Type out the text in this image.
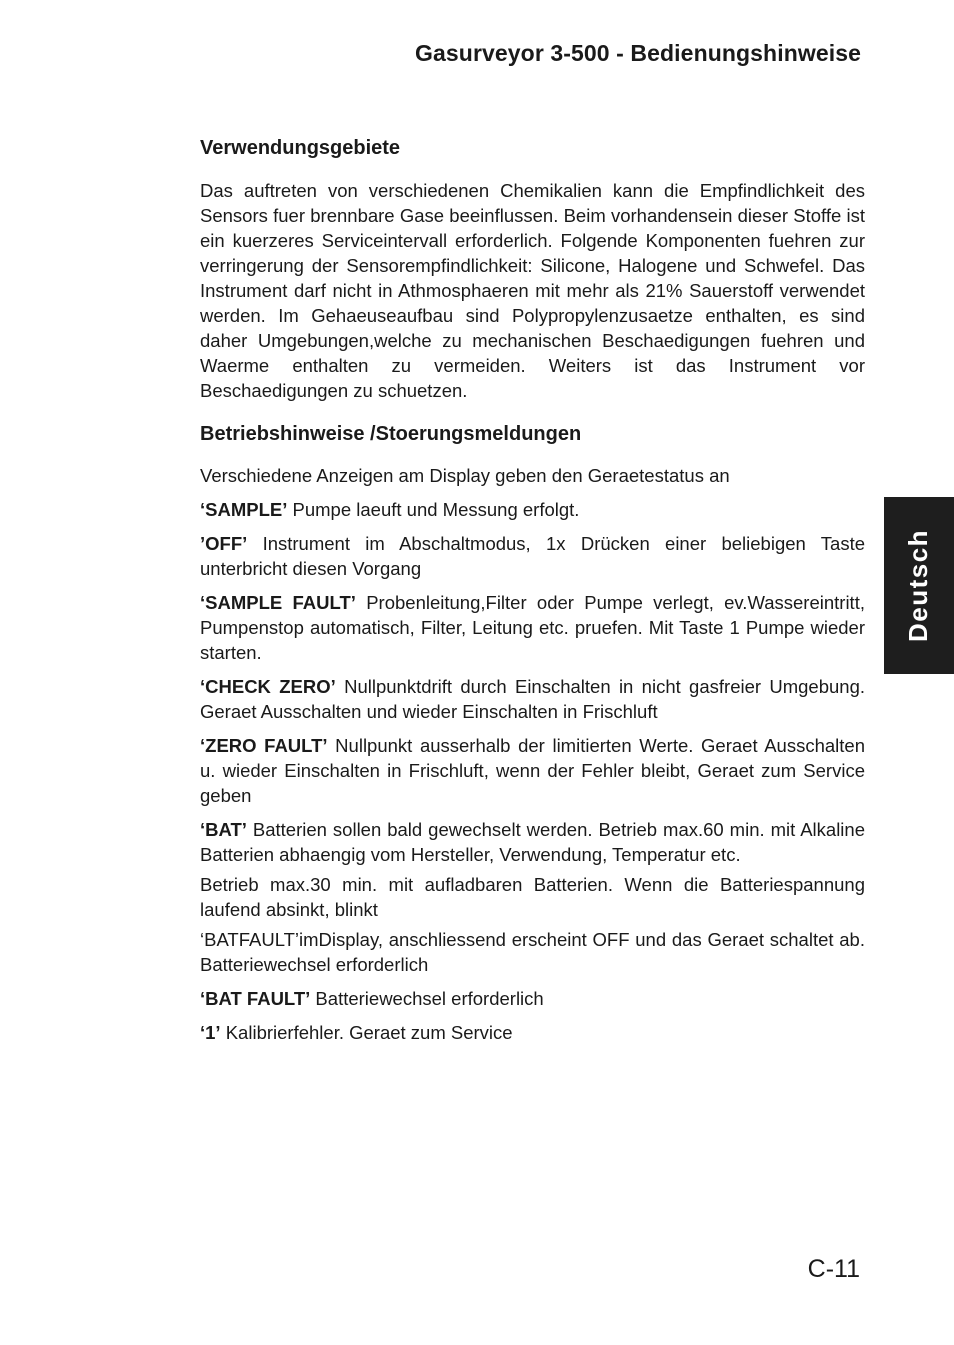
Gasurveyor 3-500 - Bedienungshinweise
Verwendungsgebiete

Das auftreten von verschiedenen Chemikalien kann die Empfindlichkeit des Sensors fuer brennbare Gase beeinflussen. Beim vorhandensein dieser Stoffe ist ein kuerzeres Serviceintervall erforderlich. Folgende Komponenten fuehren zur verringerung der Sensorempfindlichkeit: Silicone, Halogene und Schwefel. Das Instrument darf nicht in Athmosphaeren mit mehr als 21% Sauerstoff verwendet werden. Im Gehaeuseaufbau sind Polypropylenzusaetze enthalten, es sind daher Umgebungen,welche zu mechanischen Beschaedigungen fuehren und Waerme enthalten zu vermeiden. Weiters ist das Instrument vor Beschaedigungen zu schuetzen.

Betriebshinweise /Stoerungsmeldungen

Verschiedene Anzeigen am Display geben den Geraetestatus an

‘SAMPLE’ Pumpe laeuft und Messung erfolgt.

’OFF’ Instrument im Abschaltmodus, 1x Drücken einer beliebigen Taste unterbricht diesen Vorgang

‘SAMPLE FAULT’ Probenleitung,Filter oder Pumpe verlegt, ev.Wassereintritt, Pumpenstop automatisch, Filter, Leitung etc. pruefen. Mit Taste 1 Pumpe wieder starten.

‘CHECK ZERO’ Nullpunktdrift durch Einschalten in nicht gasfreier Umgebung. Geraet Ausschalten und wieder Einschalten in Frischluft

‘ZERO FAULT’ Nullpunkt ausserhalb der limitierten Werte. Geraet Ausschalten u. wieder Einschalten in Frischluft, wenn der Fehler bleibt, Geraet zum Service geben

‘BAT’ Batterien sollen bald gewechselt werden. Betrieb max.60 min. mit Alkaline Batterien abhaengig vom Hersteller, Verwendung, Temperatur etc.

Betrieb max.30 min. mit aufladbaren Batterien. Wenn die Batteriespannung laufend absinkt, blinkt

‘BATFAULT’imDisplay, anschliessend erscheint OFF und das Geraet schaltet ab. Batteriewechsel erforderlich

‘BAT FAULT’ Batteriewechsel erforderlich

‘1’ Kalibrierfehler. Geraet zum Service

Deutsch
C-11
